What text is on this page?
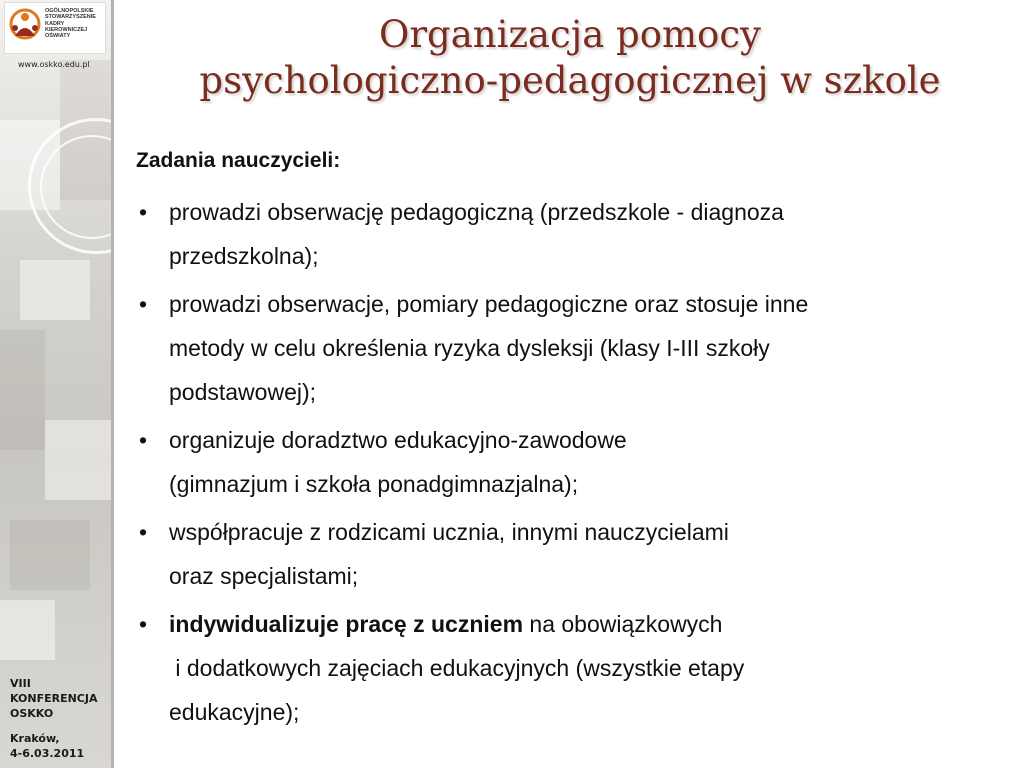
OGÓLNOPOLSKIE
STOWARZYSZENIE
KADRY
KIEROWNICZEJ
OŚWIATY
www.oskko.edu.pl
VIII
KONFERENCJA
OSKKO
Kraków,
4-6.03.2011
Organizacja pomocy
psychologiczno-pedagogicznej w szkole
Zadania nauczycieli:
• prowadzi obserwację pedagogiczną (przedszkole - diagnoza
przedszkolna);
• prowadzi obserwacje, pomiary pedagogiczne oraz stosuje inne
metody w celu określenia ryzyka dysleksji (klasy I-III szkoły
podstawowej);
• organizuje doradztwo edukacyjno-zawodowe
(gimnazjum i szkoła ponadgimnazjalna);
• współpracuje z rodzicami ucznia, innymi nauczycielami
oraz specjalistami;
• indywidualizuje pracę z uczniem na obowiązkowych
i dodatkowych zajęciach edukacyjnych (wszystkie etapy
edukacyjne);
